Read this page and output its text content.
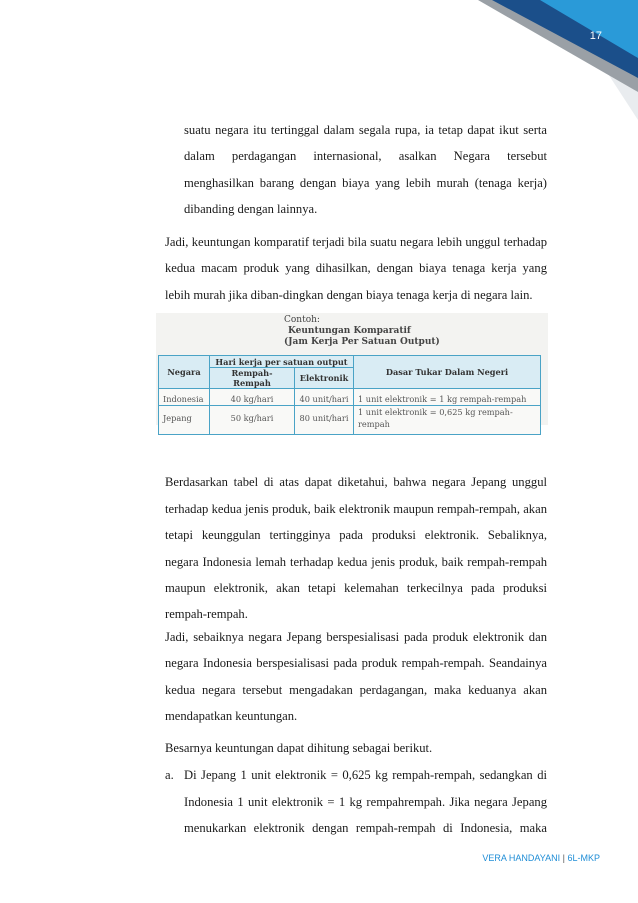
17
suatu negara itu tertinggal dalam segala rupa, ia tetap dapat ikut serta
dalam perdagangan internasional, asalkan Negara tersebut
menghasilkan barang dengan biaya yang lebih murah (tenaga kerja)
dibanding dengan lainnya.
Jadi, keuntungan komparatif terjadi bila suatu negara lebih unggul terhadap
kedua macam produk yang dihasilkan, dengan biaya tenaga kerja yang
lebih murah jika diban-dingkan dengan biaya tenaga kerja di negara lain.
Contoh:
Keuntungan Komparatif
(Jam Kerja Per Satuan Output)
Negara	Hari kerja per satuan output		Dasar Tukar Dalam Negeri
	Rempah-Rempah	Elektronik	
Indonesia	40 kg/hari	40 unit/hari	1 unit elektronik = 1 kg rempah-rempah
Jepang	50 kg/hari	80 unit/hari	1 unit elektronik = 0,625 kg rempah-rempah
Berdasarkan tabel di atas dapat diketahui, bahwa negara Jepang unggul
terhadap kedua jenis produk, baik elektronik maupun rempah-rempah, akan
tetapi keunggulan tertingginya pada produksi elektronik. Sebaliknya,
negara Indonesia lemah terhadap kedua jenis produk, baik rempah-rempah
maupun elektronik, akan tetapi kelemahan terkecilnya pada produksi
rempah-rempah.
Jadi, sebaiknya negara Jepang berspesialisasi pada produk elektronik dan
negara Indonesia berspesialisasi pada produk rempah-rempah. Seandainya
kedua negara tersebut mengadakan perdagangan, maka keduanya akan
mendapatkan keuntungan.
Besarnya keuntungan dapat dihitung sebagai berikut.
a. Di Jepang 1 unit elektronik = 0,625 kg rempah-rempah, sedangkan di
Indonesia 1 unit elektronik = 1 kg rempahrempah. Jika negara Jepang
menukarkan elektronik dengan rempah-rempah di Indonesia, maka
VERA HANDAYANI | 6L-MKP
